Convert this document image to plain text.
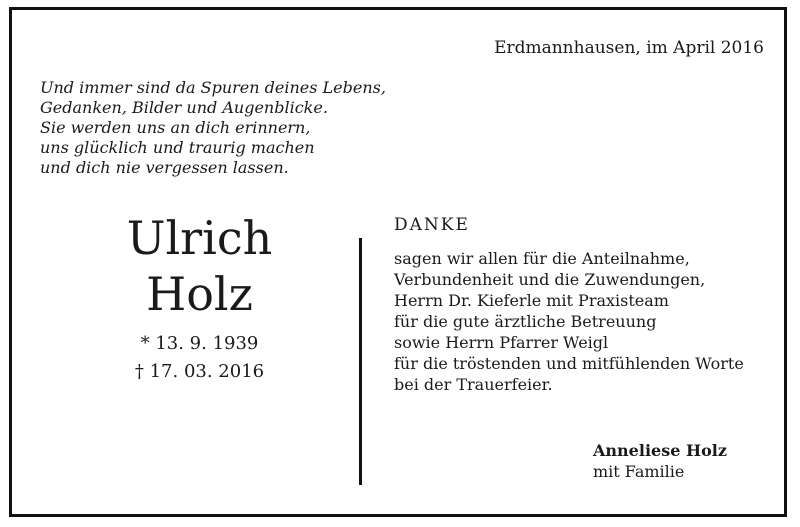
Erdmannhausen, im April 2016
Und immer sind da Spuren deines Lebens,
Gedanken, Bilder und Augenblicke.
Sie werden uns an dich erinnern,
uns glücklich und traurig machen
und dich nie vergessen lassen.
Ulrich
Holz
* 13. 9. 1939
† 17. 03. 2016
DANKE
sagen wir allen für die Anteilnahme,
Verbundenheit und die Zuwendungen,
Herrn Dr. Kieferle mit Praxisteam
für die gute ärztliche Betreuung
sowie Herrn Pfarrer Weigl
für die tröstenden und mitfühlenden Worte
bei der Trauerfeier.
Anneliese Holz
mit Familie
